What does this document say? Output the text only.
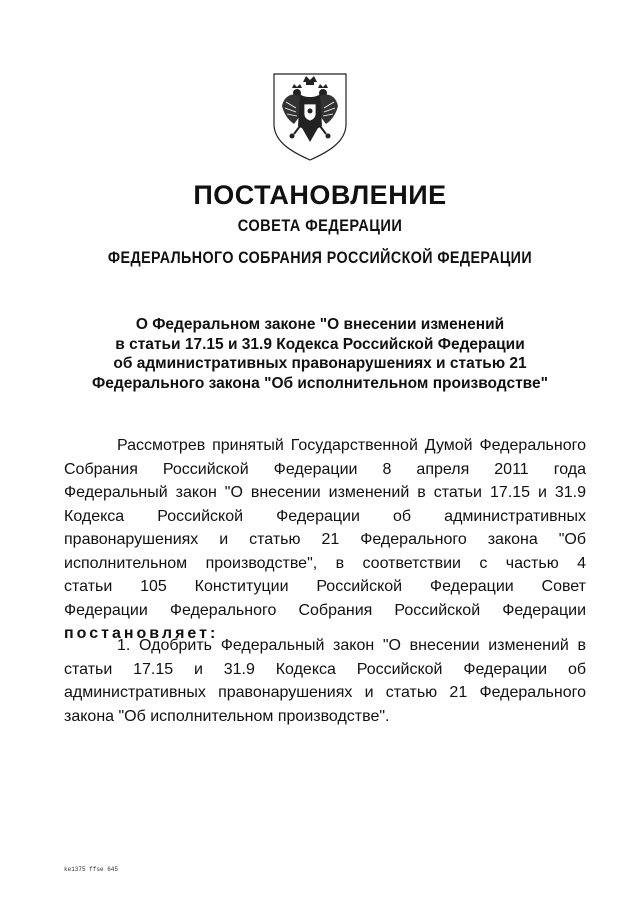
ПОСТАНОВЛЕНИЕ
СОВЕТА ФЕДЕРАЦИИ
ФЕДЕРАЛЬНОГО СОБРАНИЯ РОССИЙСКОЙ ФЕДЕРАЦИИ
О Федеральном законе "О внесении изменений
в статьи 17.15 и 31.9 Кодекса Российской Федерации
об административных правонарушениях и статью 21
Федерального закона "Об исполнительном производстве"
Рассмотрев принятый Государственной Думой Федерального
Собрания Российской Федерации 8 апреля 2011 года
Федеральный закон "О внесении изменений в статьи 17.15 и 31.9
Кодекса Российской Федерации об административных
правонарушениях и статью 21 Федерального закона "Об
исполнительном производстве", в соответствии с частью 4
статьи 105 Конституции Российской Федерации Совет
Федерации Федерального Собрания Российской Федерации
постановляет:
1. Одобрить Федеральный закон "О внесении изменений в
статьи 17.15 и 31.9 Кодекса Российской Федерации об
административных правонарушениях и статью 21 Федерального
закона "Об исполнительном производстве".
ke1375 ffse 645
